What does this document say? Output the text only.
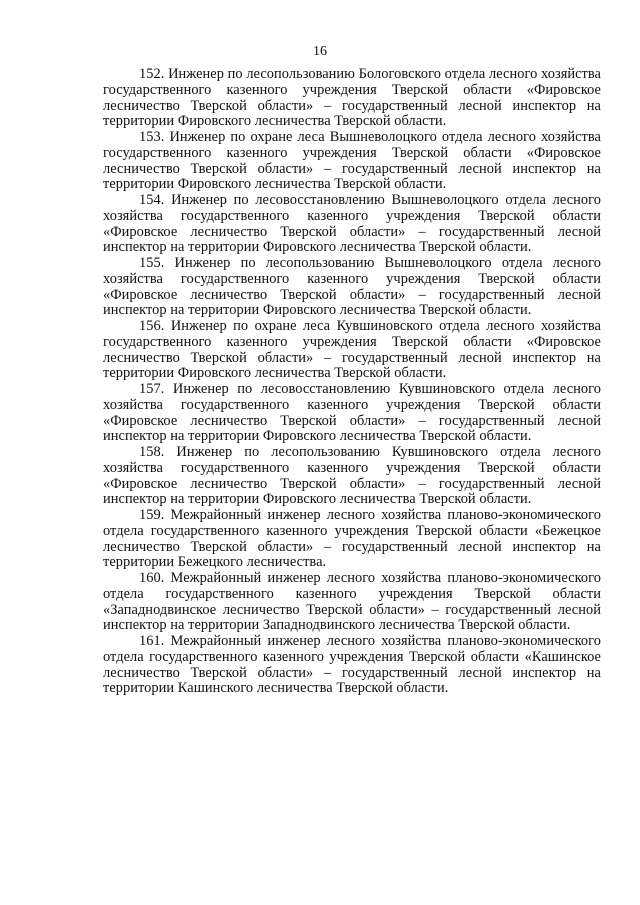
16

152. Инженер по лесопользованию Бологовского отдела лесного хозяйства государственного казенного учреждения Тверской области «Фировское лесничество Тверской области» – государственный лесной инспектор на территории Фировского лесничества Тверской области.

153. Инженер по охране леса Вышневолоцкого отдела лесного хозяйства государственного казенного учреждения Тверской области «Фировское лесничество Тверской области» – государственный лесной инспектор на территории Фировского лесничества Тверской области.

154. Инженер по лесовосстановлению Вышневолоцкого отдела лесного хозяйства государственного казенного учреждения Тверской области «Фировское лесничество Тверской области» – государственный лесной инспектор на территории Фировского лесничества Тверской области.

155. Инженер по лесопользованию Вышневолоцкого отдела лесного хозяйства государственного казенного учреждения Тверской области «Фировское лесничество Тверской области» – государственный лесной инспектор на территории Фировского лесничества Тверской области.

156. Инженер по охране леса Кувшиновского отдела лесного хозяйства государственного казенного учреждения Тверской области «Фировское лесничество Тверской области» – государственный лесной инспектор на территории Фировского лесничества Тверской области.

157. Инженер по лесовосстановлению Кувшиновского отдела лесного хозяйства государственного казенного учреждения Тверской области «Фировское лесничество Тверской области» – государственный лесной инспектор на территории Фировского лесничества Тверской области.

158. Инженер по лесопользованию Кувшиновского отдела лесного хозяйства государственного казенного учреждения Тверской области «Фировское лесничество Тверской области» – государственный лесной инспектор на территории Фировского лесничества Тверской области.

159. Межрайонный инженер лесного хозяйства планово-экономического отдела государственного казенного учреждения Тверской области «Бежецкое лесничество Тверской области» – государственный лесной инспектор на территории Бежецкого лесничества.

160. Межрайонный инженер лесного хозяйства планово-экономического отдела государственного казенного учреждения Тверской области «Западнодвинское лесничество Тверской области» – государственный лесной инспектор на территории Западнодвинского лесничества Тверской области.

161. Межрайонный инженер лесного хозяйства планово-экономического отдела государственного казенного учреждения Тверской области «Кашинское лесничество Тверской области» – государственный лесной инспектор на территории Кашинского лесничества Тверской области.
